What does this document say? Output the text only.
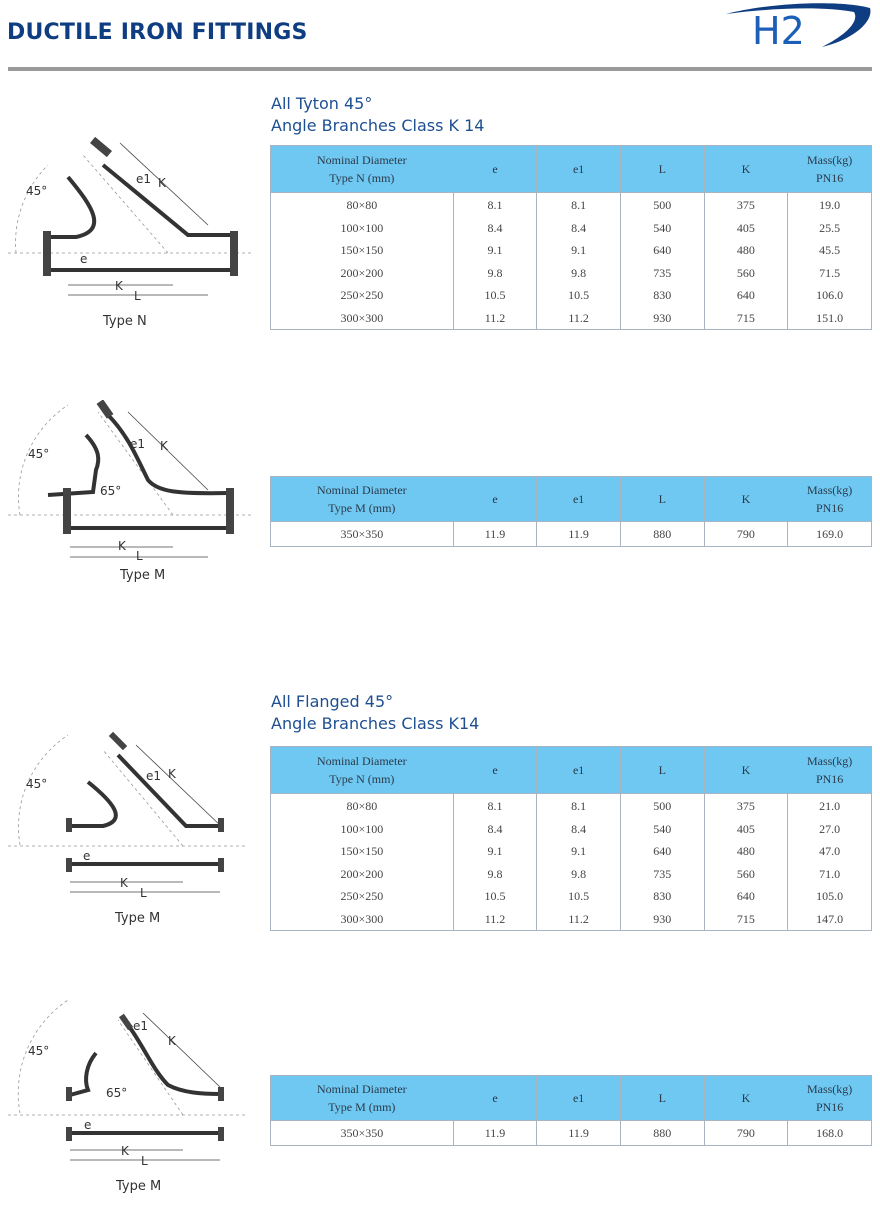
DUCTILE IRON FITTINGS	H2
All Tyton 45°
Angle Branches Class K 14
45°
e1 K
e
K
L
Type N
Nominal Diameter
Type N (mm)	e	e1	L	K	Mass(kg)
PN16
80×80	8.1	8.1	500	375	19.0
100×100	8.4	8.4	540	405	25.5
150×150	9.1	9.1	640	480	45.5
200×200	9.8	9.8	735	560	71.5
250×250	10.5	10.5	830	640	106.0
300×300	11.2	11.2	930	715	151.0
45°
65°
e1 K
K
L
Type M
Nominal Diameter
Type M (mm)	e	e1	L	K	Mass(kg)
PN16
350×350	11.9	11.9	880	790	169.0
All Flanged 45°
Angle Branches Class K14
45°
e1 K
e
K
L
Type M
Nominal Diameter
Type N (mm)	e	e1	L	K	Mass(kg)
PN16
80×80	8.1	8.1	500	375	21.0
100×100	8.4	8.4	540	405	27.0
150×150	9.1	9.1	640	480	47.0
200×200	9.8	9.8	735	560	71.0
250×250	10.5	10.5	830	640	105.0
300×300	11.2	11.2	930	715	147.0
45°
65°
e1
K
e
K
L
Type M
Nominal Diameter
Type M (mm)	e	e1	L	K	Mass(kg)
PN16
350×350	11.9	11.9	880	790	168.0
